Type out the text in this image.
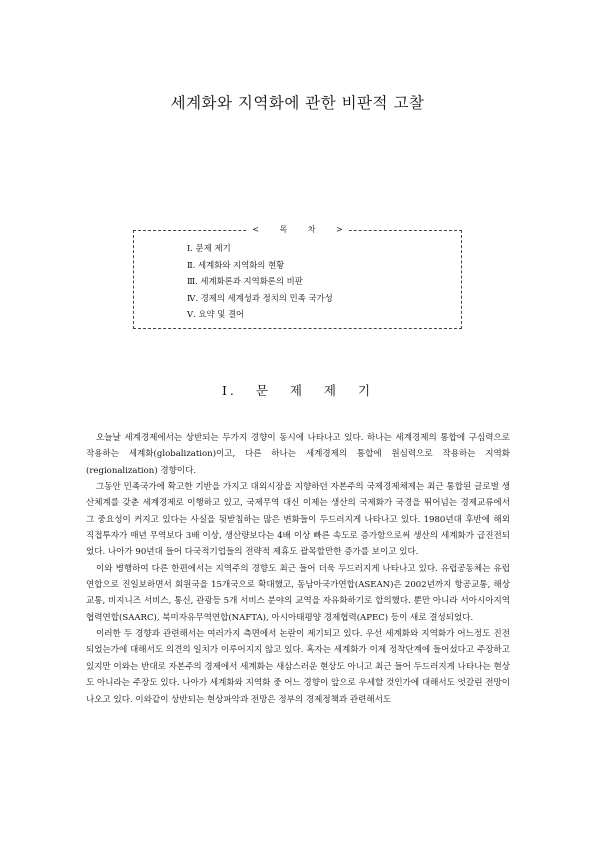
세계화와 지역화에 관한 비판적 고찰
< 목 차 >
Ⅰ. 문제 제기
Ⅱ. 세계화와 지역화의 현황
Ⅲ. 세계화론과 지역화론의 비판
Ⅳ. 경제의 세계성과 정치의 민족 국가성
Ⅴ. 요약 및 결어
Ⅰ. 문 제 제 기

오늘날 세계경제에서는 상반되는 두가지 경향이 동시에 나타나고 있다. 하나는 세계경제의 통합에 구심력으로 작용하는 세계화(globalization)이고, 다른 하나는 세계경제의 통합에 원심력으로 작용하는 지역화(regionalization) 경향이다.

그동안 민족국가에 확고한 기반을 가지고 대외시장을 지향하던 자본주의 국제경제체제는 최근 통합된 글로벌 생산체계를 갖춘 세계경제로 이행하고 있고, 국제무역 대신 이제는 생산의 국제화가 국경을 뛰어넘는 경제교류에서 그 중요성이 커지고 있다는 사실을 뒷받침하는 많은 변화들이 두드러지게 나타나고 있다. 1980년대 후반에 해외 직접투자가 매년 무역보다 3배 이상, 생산량보다는 4배 이상 빠른 속도로 증가함으로써 생산의 세계화가 급진전되었다. 나아가 90년대 들어 다국적기업들의 전략적 제휴도 괄목할만한 증가를 보이고 있다.

이와 병행하여 다른 한편에서는 지역주의 경향도 최근 들어 더욱 두드러지게 나타나고 있다. 유럽공동체는 유럽연합으로 진일보하면서 회원국을 15개국으로 확대했고, 동남아국가연합(ASEAN)은 2002년까지 항공교통, 해상교통, 비지니즈 서비스, 통신, 관광등 5개 서비스 분야의 교역을 자유화하기로 합의했다. 뿐만 아니라 서아시아지역협력연합(SAARC), 북미자유무역연합(NAFTA), 아시아태평양 경제협력(APEC) 등이 새로 결성되었다.

이러한 두 경향과 관련해서는 여러가지 측면에서 논란이 제기되고 있다. 우선 세계화와 지역화가 어느정도 진전되었는가에 대해서도 의견의 일치가 이루어지지 않고 있다. 혹자는 세계화가 이제 정착단계에 들어섰다고 주장하고 있지만 이와는 반대로 자본주의 경제에서 세계화는 새삼스러운 현상도 아니고 최근 들어 두드러지게 나타나는 현상도 아니라는 주장도 있다. 나아가 세계화와 지역화 중 어느 경향이 앞으로 우세할 것인가에 대해서도 엇갈린 전망이 나오고 있다. 이와같이 상반되는 현상파악과 전망은 정부의 경제정책과 관련해서도
